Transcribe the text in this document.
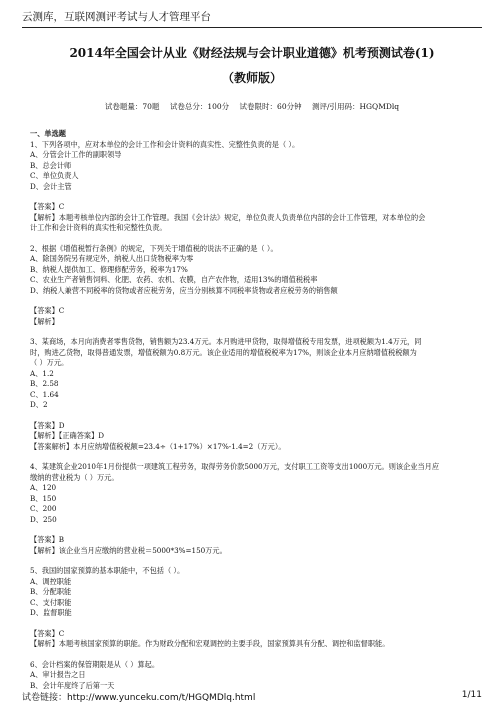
云测库，互联网测评考试与人才管理平台
2014年全国会计从业《财经法规与会计职业道德》机考预测试卷(1)
（教师版）
试卷题量：70题 试卷总分：100分 试卷限时：60分钟 测评/引用码：HGQMDlq

一、单选题

1、下列各项中，应对本单位的会计工作和会计资料的真实性、完整性负责的是（ ）。

A、分管会计工作的副职领导

B、总会计师

C、单位负责人

D、会计主管

【答案】C

【解析】本题考核单位内部的会计工作管理。我国《会计法》规定，单位负责人负责单位内部的会计工作管理，对本单位的会

计工作和会计资料的真实性和完整性负责。

2、根据《增值税暂行条例》的规定，下列关于增值税的说法不正确的是（ ）。

A、除国务院另有规定外，纳税人出口货物税率为零

B、纳税人提供加工、修理修配劳务，税率为17%

C、农业生产者销售饲料、化肥、农药、农机、农膜，自产农作物，适用13%的增值税税率

D、纳税人兼营不同税率的货物或者应税劳务，应当分别核算不同税率货物或者应税劳务的销售额

【答案】C

【解析】

3、某商场，本月向消费者零售货物，销售额为23.4万元。本月购进甲货物，取得增值税专用发票，进项税额为1.4万元，同

时，购进乙货物，取得普通发票，增值税额为0.8万元。该企业适用的增值税税率为17%，则该企业本月应纳增值税税额为

（ ）万元。

A、1.2

B、2.58

C、1.64

D、2

【答案】D

【解析】【正确答案】D

【答案解析】本月应纳增值税税额=23.4÷（1+17%）×17%-1.4=2（万元）。

4、某建筑企业2010年1月份提供一项建筑工程劳务，取得劳务价款5000万元，支付职工工资等支出1000万元。则该企业当月应

缴纳的营业税为（ ）万元。

A、120

B、150

C、200

D、250

【答案】B

【解析】该企业当月应缴纳的营业税＝5000*3%=150万元。

5、我国的国家预算的基本职能中，不包括（ ）。

A、调控职能

B、分配职能

C、支付职能

D、监督职能

【答案】C

【解析】本题考核国家预算的职能。作为财政分配和宏观调控的主要手段，国家预算具有分配、调控和监督职能。

6、会计档案的保管期限是从（ ）算起。

A、审计报告之日

B、会计年度终了后第一天

试卷链接：http://www.yunceku.com/t/HGQMDlq.html	1/11
